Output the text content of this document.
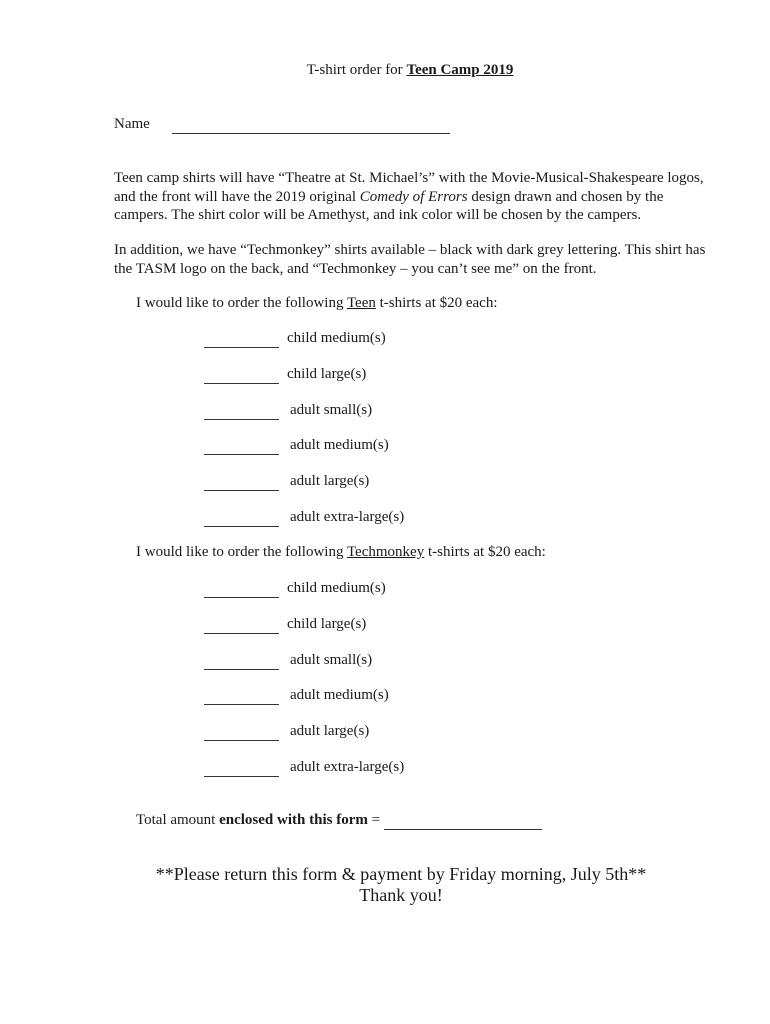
T-shirt order for Teen Camp 2019
Name
Teen camp shirts will have “Theatre at St. Michael’s” with the Movie-Musical-Shakespeare logos, and the front will have the 2019 original Comedy of Errors design drawn and chosen by the campers. The shirt color will be Amethyst, and ink color will be chosen by the campers.
In addition, we have “Techmonkey” shirts available – black with dark grey lettering. This shirt has the TASM logo on the back, and “Techmonkey – you can’t see me” on the front.
I would like to order the following Teen t-shirts at $20 each:
child medium(s)
child large(s)
adult small(s)
adult medium(s)
adult large(s)
adult extra-large(s)
I would like to order the following Techmonkey t-shirts at $20 each:
child medium(s)
child large(s)
adult small(s)
adult medium(s)
adult large(s)
adult extra-large(s)
Total amount enclosed with this form =
**Please return this form & payment by Friday morning, July 5th**
Thank you!
